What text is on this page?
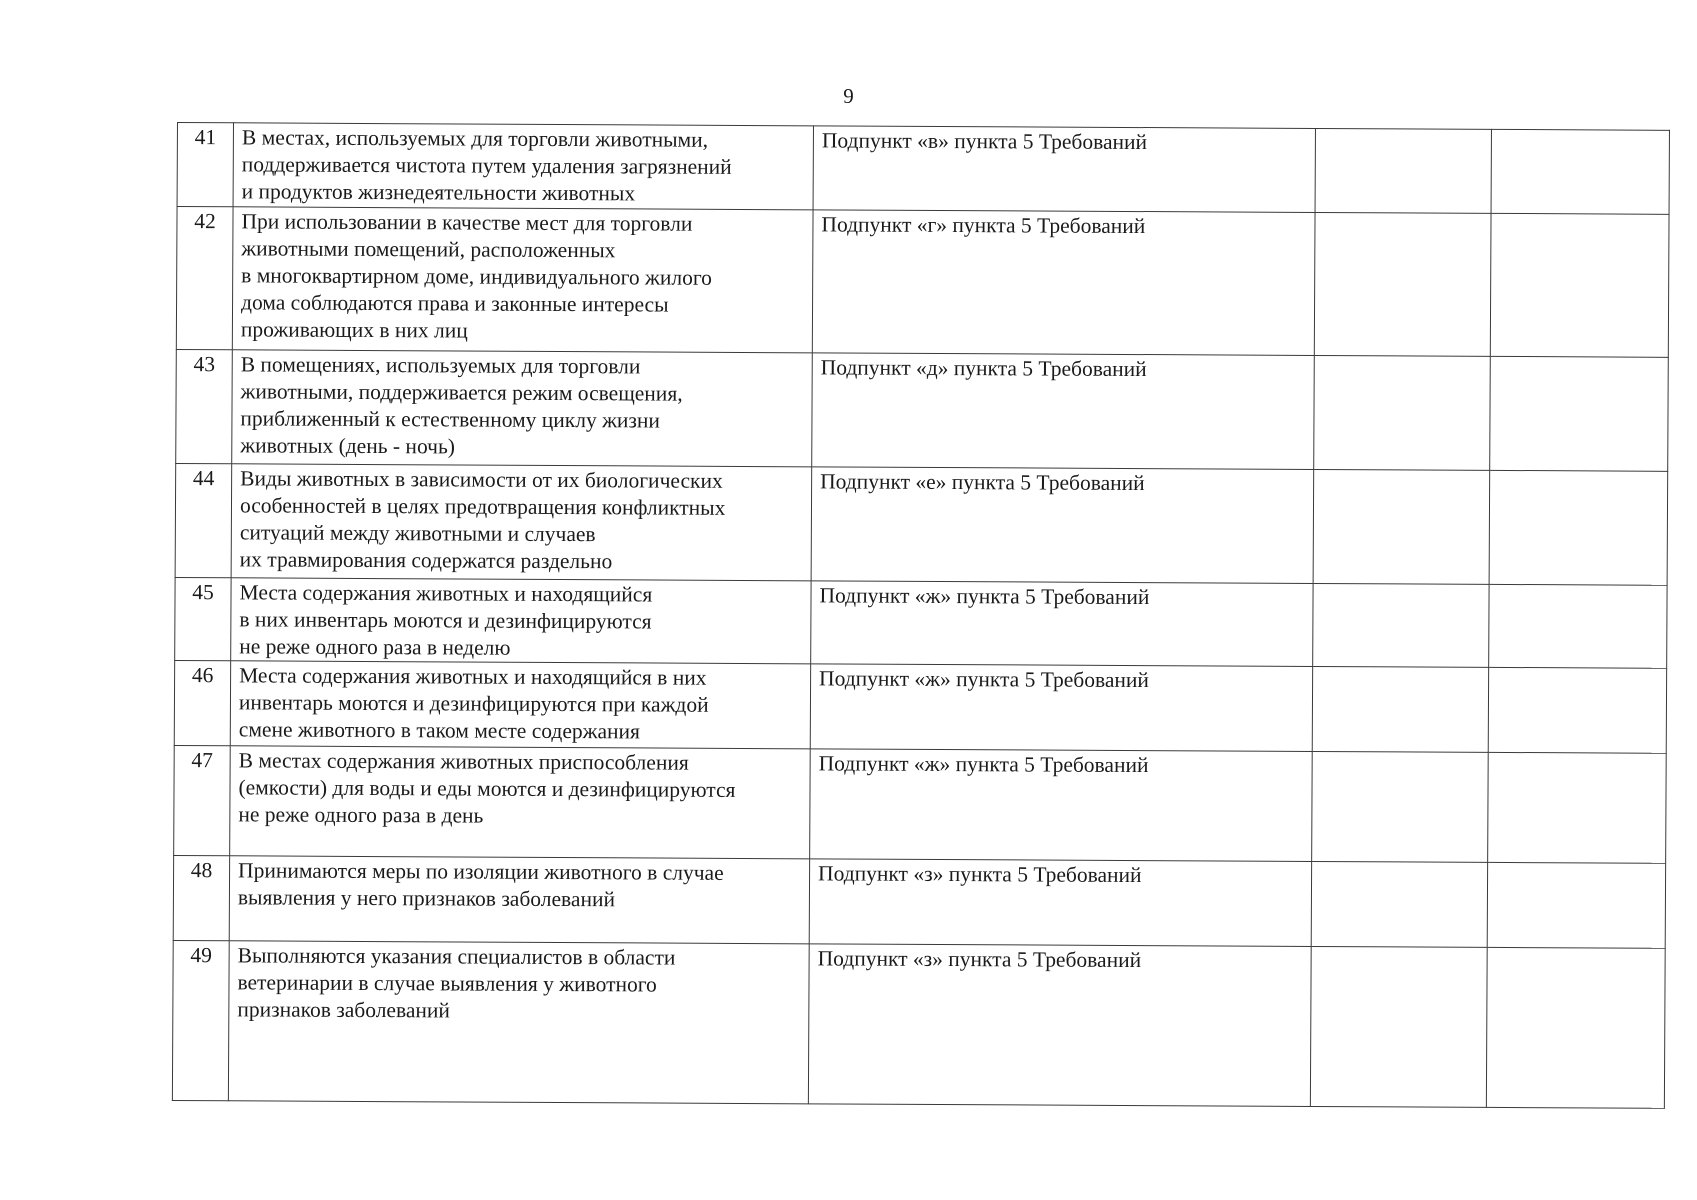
9
41	В местах, используемых для торговли животными,
поддерживается чистота путем удаления загрязнений
и продуктов жизнедеятельности животных	Подпункт «в» пункта 5 Требований		
42	При использовании в качестве мест для торговли
животными помещений, расположенных
в многоквартирном доме, индивидуального жилого
дома соблюдаются права и законные интересы
проживающих в них лиц	Подпункт «г» пункта 5 Требований		
43	В помещениях, используемых для торговли
животными, поддерживается режим освещения,
приближенный к естественному циклу жизни
животных (день - ночь)	Подпункт «д» пункта 5 Требований		
44	Виды животных в зависимости от их биологических
особенностей в целях предотвращения конфликтных
ситуаций между животными и случаев
их травмирования содержатся раздельно	Подпункт «е» пункта 5 Требований		
45	Места содержания животных и находящийся
в них инвентарь моются и дезинфицируются
не реже одного раза в неделю	Подпункт «ж» пункта 5 Требований		
46	Места содержания животных и находящийся в них
инвентарь моются и дезинфицируются при каждой
смене животного в таком месте содержания	Подпункт «ж» пункта 5 Требований		
47	В местах содержания животных приспособления
(емкости) для воды и еды моются и дезинфицируются
не реже одного раза в день	Подпункт «ж» пункта 5 Требований		
48	Принимаются меры по изоляции животного в случае
выявления у него признаков заболеваний	Подпункт «з» пункта 5 Требований		
49	Выполняются указания специалистов в области
ветеринарии в случае выявления у животного
признаков заболеваний	Подпункт «з» пункта 5 Требований		
